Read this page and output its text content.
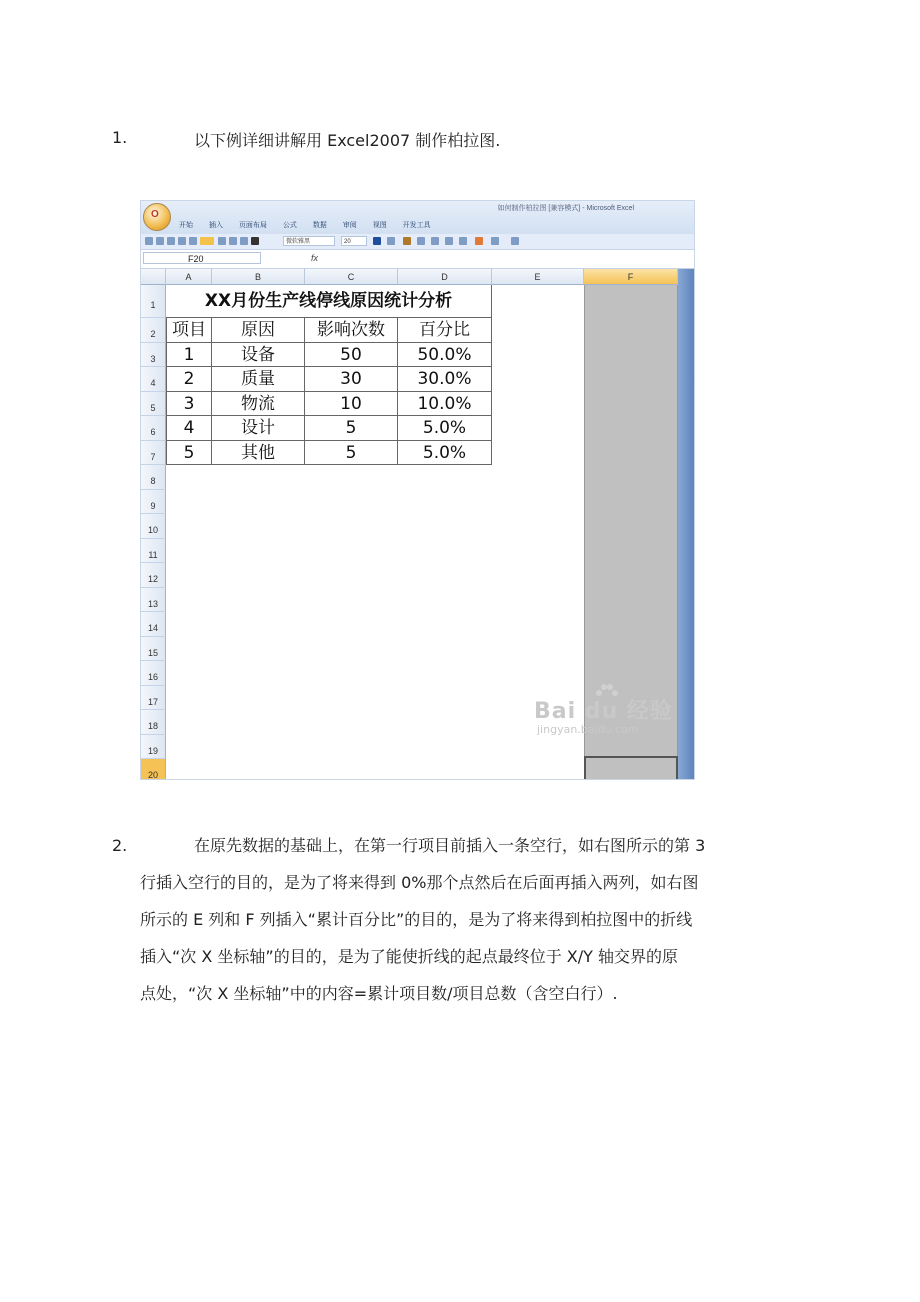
1.	以下例详细讲解用 Excel2007 制作柏拉图.
O
如何制作柏拉图 [兼容模式] - Microsoft Excel
开始 插入 页面布局 公式 数据 审阅 视图 开发工具
微软雅黑	20
F20	fx
A	B	C	D	E	F
1
2
3
4
5
6
7
8
9
10
11
12
13
14
15
16
17
18
19
20
XX月份生产线停线原因统计分析
项目	原因	影响次数	百分比
1	设备	50	50.0%
2	质量	30	30.0%
3	物流	10	10.0%
4	设计	5	5.0%
5	其他	5	5.0%
Bai du 经验
jingyan.baidu.com
2.	在原先数据的基础上，在第一行项目前插入一条空行，如右图所示的第 3
行插入空行的目的，是为了将来得到 0%那个点然后在后面再插入两列，如右图
所示的 E 列和 F 列插入“累计百分比”的目的，是为了将来得到柏拉图中的折线
插入“次 X 坐标轴”的目的，是为了能使折线的起点最终位于 X/Y 轴交界的原
点处，“次 X 坐标轴”中的内容=累计项目数/项目总数（含空白行）.
